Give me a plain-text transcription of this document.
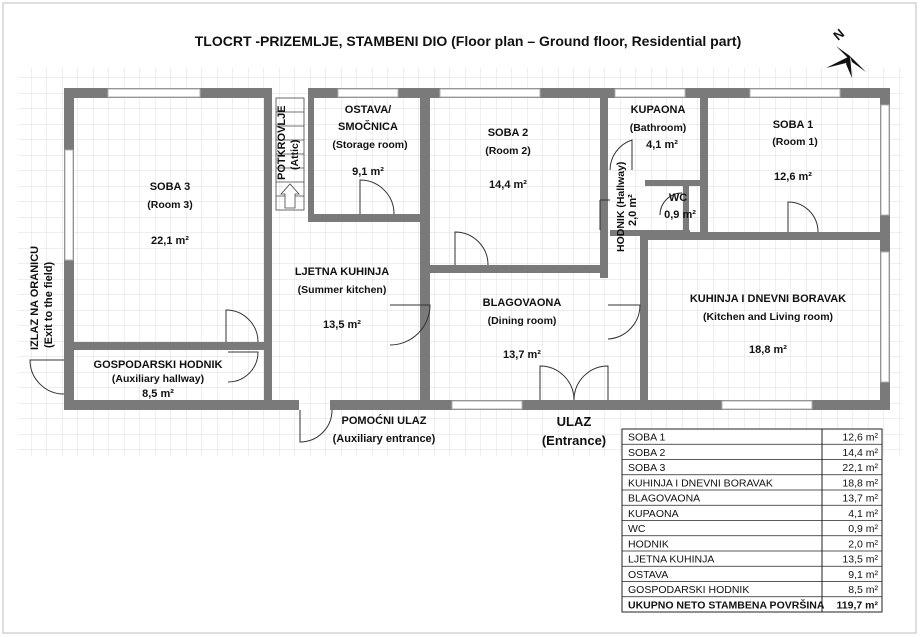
TLOCRT -PRIZEMLJE, STAMBENI DIO (Floor plan – Ground floor, Residential part)	N
SOBA 3
(Room 3)
22,1 m²
OSTAVA/
SMOČNICA
(Storage room)
9,1 m²
SOBA 2
(Room 2)
14,4 m²
KUPAONA
(Bathroom)
4,1 m²
SOBA 1
(Room 1)
12,6 m²
WC
0,9 m²
HODNIK (Hallway) 2,0 m²
POTKROVLJE (Attic)
LJETNA KUHINJA
(Summer kitchen)
13,5 m²
KUHINJA I DNEVNI BORAVAK
(Kitchen and Living room)
18,8 m²
BLAGOVAONA
(Dining room)
13,7 m²
GOSPODARSKI HODNIK
(Auxiliary hallway)
8,5 m²
IZLAZ NA ORANICU (Exit to the field)
POMOĆNI ULAZ
(Auxiliary entrance)
ULAZ
(Entrance) SOBA 1	12,6 m²
SOBA 2	14,4 m²
SOBA 3	22,1 m²
KUHINJA I DNEVNI BORAVAK	18,8 m²
BLAGOVAONA	13,7 m²
KUPAONA	4,1 m²
WC	0,9 m²
HODNIK	2,0 m²
LJETNA KUHINJA	13,5 m²
OSTAVA	9,1 m²
GOSPODARSKI HODNIK	8,5 m²
UKUPNO NETO STAMBENA POVRŠINA 119,7 m²
